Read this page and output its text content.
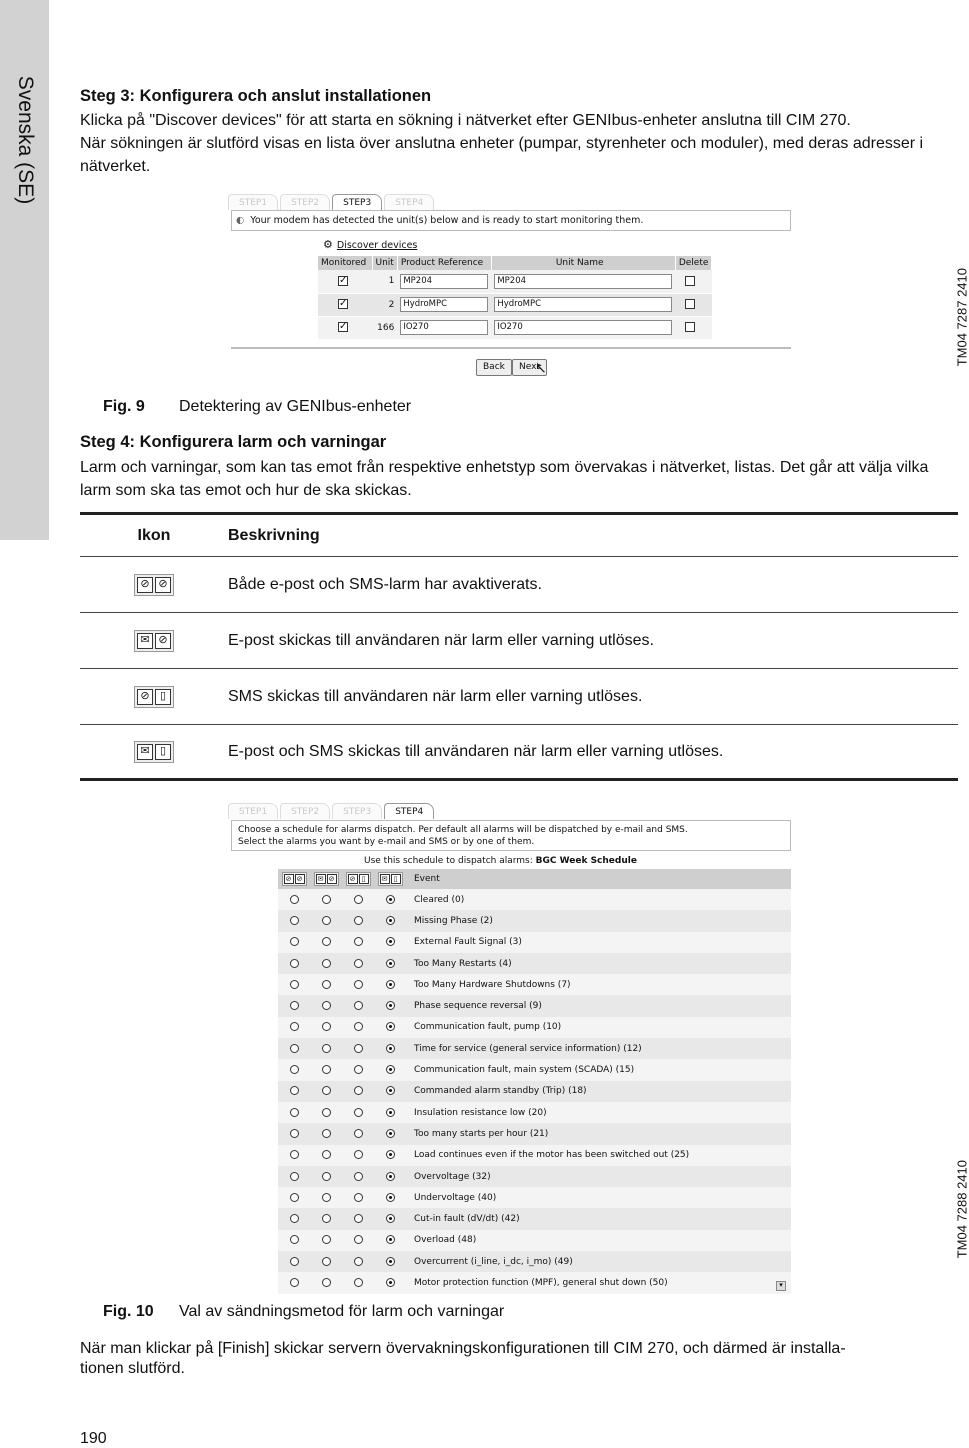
Svenska (SE)	Steg 3: Konfigurera och anslut installationen

Klicka på "Discover devices" för att starta en sökning i nätverket efter GENIbus-enheter anslutna till CIM 270.

När sökningen är slutförd visas en lista över anslutna enheter (pumpar, styrenheter och moduler), med deras adresser i nätverket.

STEP1	STEP2	STEP3	STEP4
◐ Your modem has detected the unit(s) below and is ready to start monitoring them.
⚙ Discover devices
Monitored	Unit	Product Reference	Unit Name	Delete
✓	1	MP204	MP204	
✓	2	HydroMPC	HydroMPC	
✓	166	IO270	IO270	
Back	Next
↖
TM04 7287 2410
Fig. 9 Detektering av GENIbus-enheter
Steg 4: Konfigurera larm och varningar

Larm och varningar, som kan tas emot från respektive enhetstyp som övervakas i nätverket, listas. Det går att välja vilka larm som ska tas emot och hur de ska skickas.

Ikon	Beskrivning
⊘ ⊘	Både e-post och SMS-larm har avaktiverats.
✉ ⊘	E-post skickas till användaren när larm eller varning utlöses.
⊘ ▯	SMS skickas till användaren när larm eller varning utlöses.
✉ ▯	E-post och SMS skickas till användaren när larm eller varning utlöses.
STEP1	STEP2	STEP3	STEP4
Choose a schedule for alarms dispatch. Per default all alarms will be dispatched by e-mail and SMS.
Select the alarms you want by e-mail and SMS or by one of them.
Use this schedule to dispatch alarms: BGC Week Schedule
⊘ ⊘	✉ ⊘	⊘ ▯	✉ ▯	Event
				Cleared (0)
				Missing Phase (2)
				External Fault Signal (3)
				Too Many Restarts (4)
				Too Many Hardware Shutdowns (7)
				Phase sequence reversal (9)
				Communication fault, pump (10)
				Time for service (general service information) (12)
				Communication fault, main system (SCADA) (15)
				Commanded alarm standby (Trip) (18)
				Insulation resistance low (20)
				Too many starts per hour (21)
				Load continues even if the motor has been switched out (25)
				Overvoltage (32)
				Undervoltage (40)
				Cut-in fault (dV/dt) (42)
				Overload (48)
				Overcurrent (i_line, i_dc, i_mo) (49)
				Motor protection function (MPF), general shut down (50)	▾
TM04 7288 2410
Fig. 10 Val av sändningsmetod för larm och varningar

När man klickar på [Finish] skickar servern övervakningskonfigurationen till CIM 270, och därmed är installa-

tionen slutförd.

190
